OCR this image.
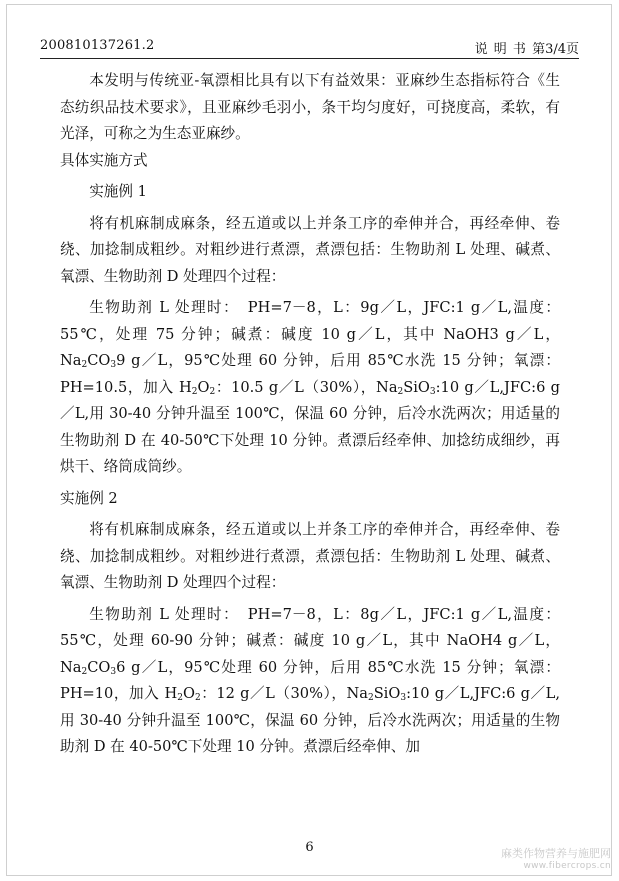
200810137261.2	说 明 书 第3/4页

本发明与传统亚-氧漂相比具有以下有益效果：亚麻纱生态指标符合《生态纺织品技术要求》，且亚麻纱毛羽小，条干均匀度好，可挠度高，柔软，有光泽，可称之为生态亚麻纱。

具体实施方式

实施例 1

将有机麻制成麻条，经五道或以上并条工序的牵伸并合，再经牵伸、卷绕、加捻制成粗纱。对粗纱进行煮漂，煮漂包括：生物助剂 L 处理、碱煮、氧漂、生物助剂 D 处理四个过程：

生物助剂 L 处理时：　PH=7－8，L：9g／L，JFC:1 g／L,温度：55℃，处理 75 分钟；碱煮：碱度 10 g／L，其中 NaOH3 g／L，$Na_2CO_39$ g／L，95℃处理 60 分钟，后用 85℃水洗 15 分钟；氧漂：PH=10.5，加入 $H_2O_2$：10.5 g／L（30%），$Na_2SiO_3:10$ g／L,JFC:6 g／L,用 30-40 分钟升温至 100℃，保温 60 分钟，后冷水洗两次；用适量的生物助剂 D 在 40-50℃下处理 10 分钟。煮漂后经牵伸、加捻纺成细纱，再烘干、络筒成筒纱。

实施例 2

将有机麻制成麻条，经五道或以上并条工序的牵伸并合，再经牵伸、卷绕、加捻制成粗纱。对粗纱进行煮漂，煮漂包括：生物助剂 L 处理、碱煮、氧漂、生物助剂 D 处理四个过程：

生物助剂 L 处理时：　PH=7－8，L：8g／L，JFC:1 g／L,温度：55℃，处理 60-90 分钟；碱煮：碱度 10 g／L，其中 NaOH4 g／L，$Na_2CO_36$ g／L，95℃处理 60 分钟，后用 85℃水洗 15 分钟；氧漂：PH=10，加入 $H_2O_2$：12 g／L（30%），$Na_2SiO_3:10$ g／L,JFC:6 g／L,用 30-40 分钟升温至 100℃，保温 60 分钟，后冷水洗两次；用适量的生物助剂 D 在 40-50℃下处理 10 分钟。煮漂后经牵伸、加

6	麻类作物营养与施肥网
www.fibercrops.cn
